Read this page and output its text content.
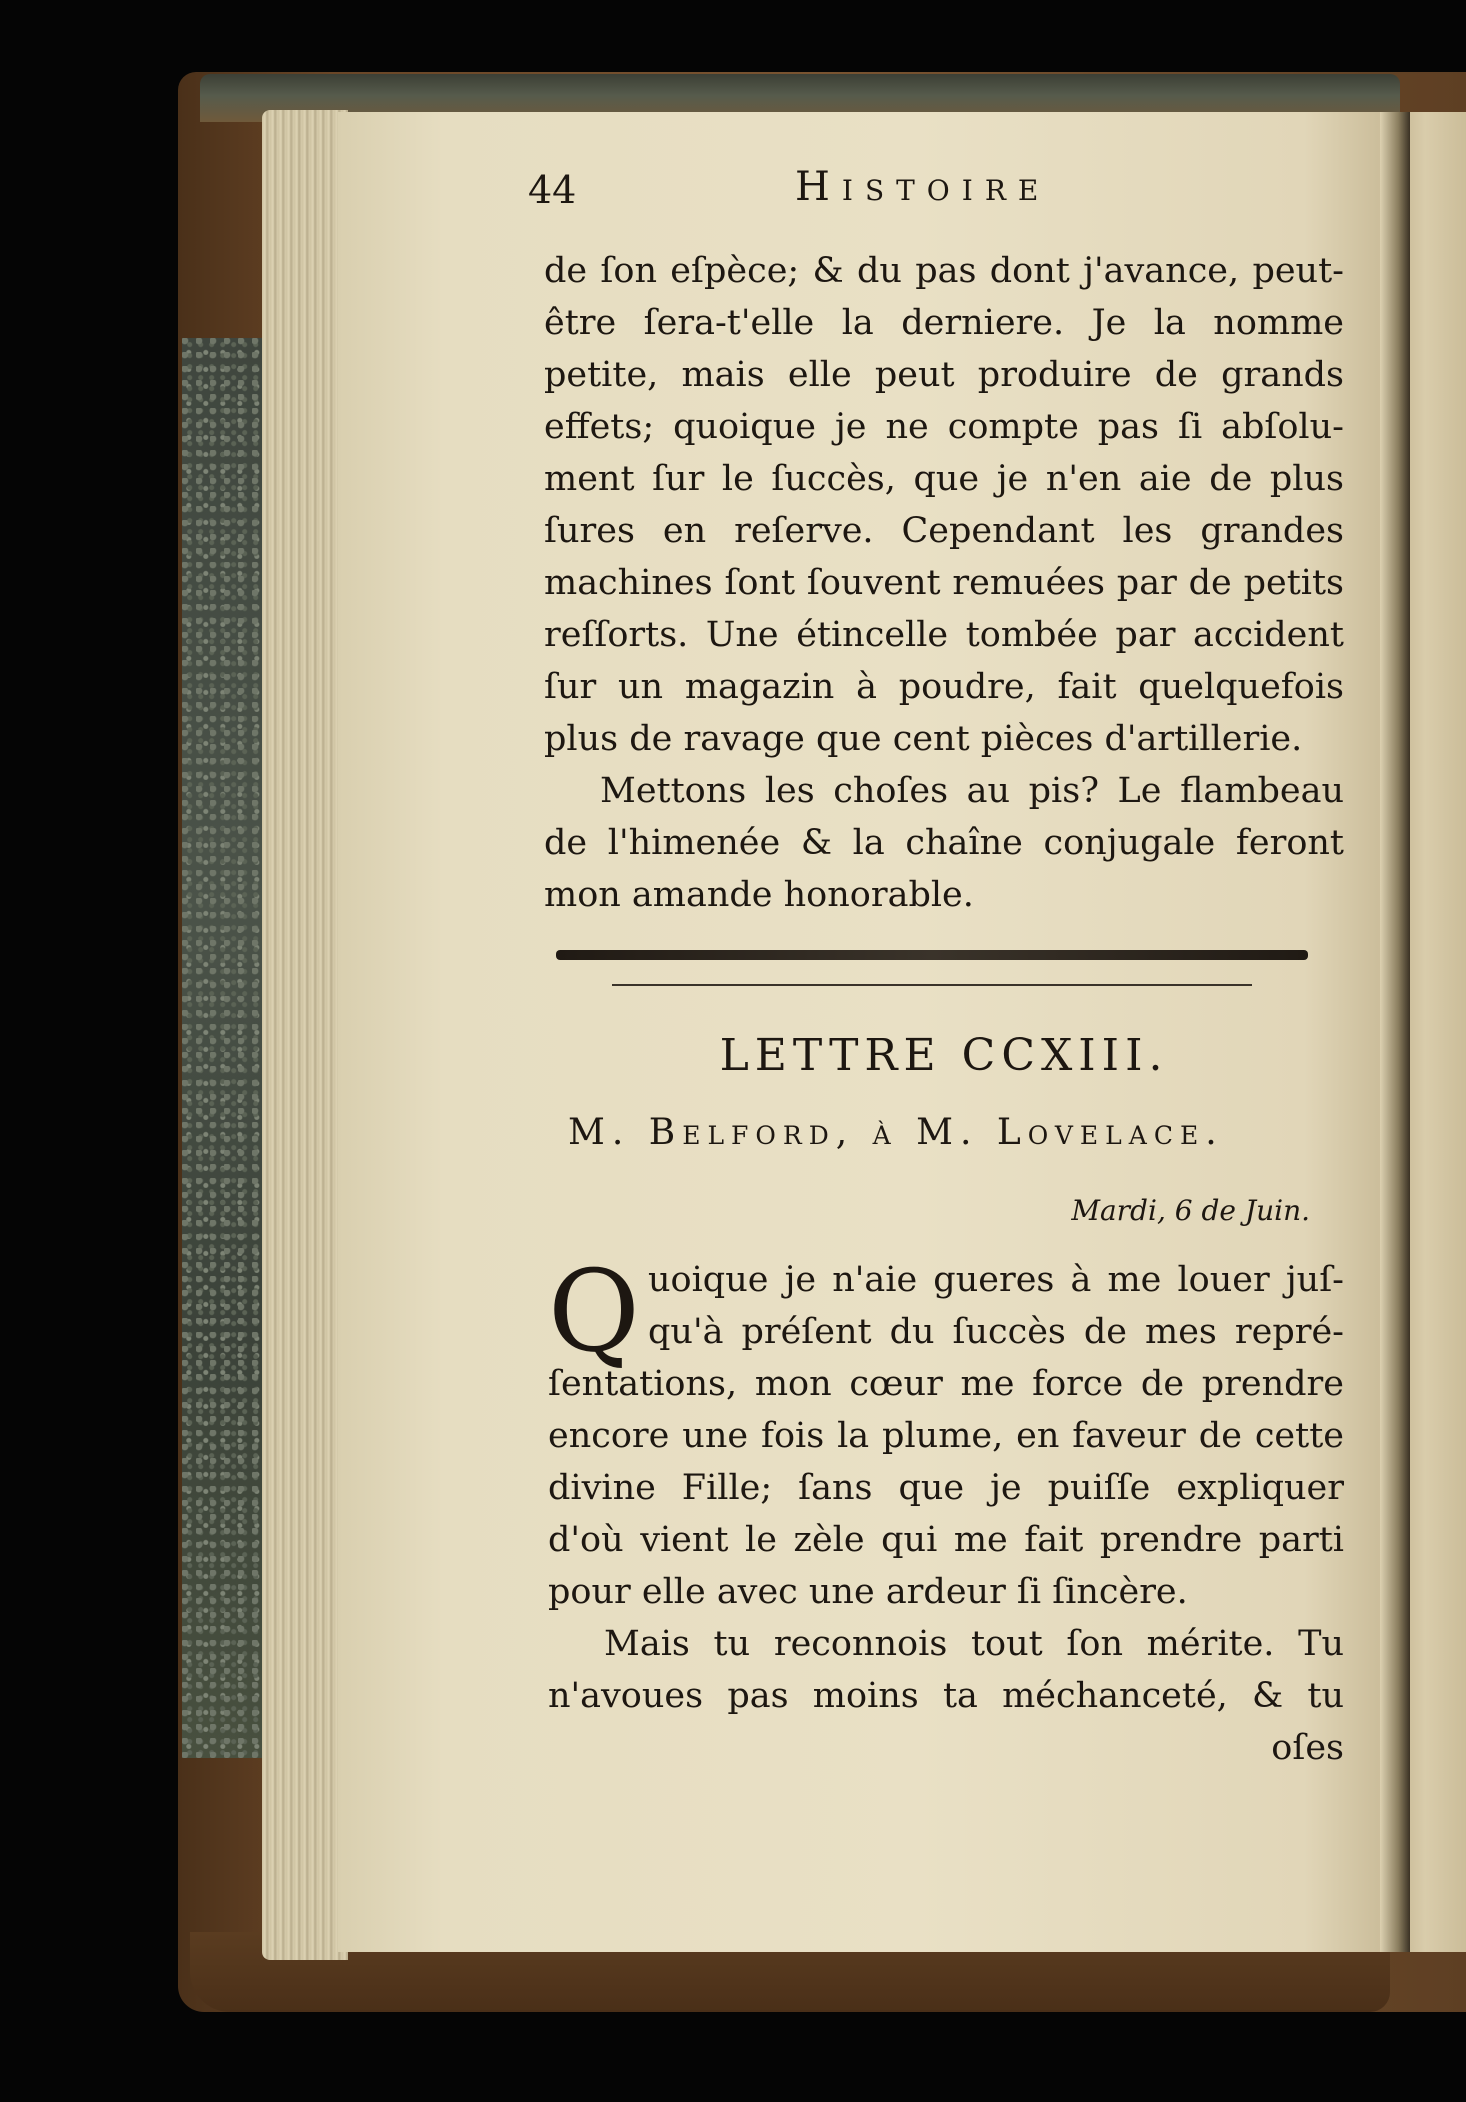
44	Histoire
de ſon eſpèce; & du pas dont j'avance, peut-
être ſera-t'elle la derniere. Je la nomme
petite, mais elle peut produire de grands
effets; quoique je ne compte pas ſi abſolu-
ment ſur le ſuccès, que je n'en aie de plus
ſures en reſerve. Cependant les grandes
machines ſont ſouvent remuées par de petits
reſſorts. Une étincelle tombée par accident
ſur un magazin à poudre, fait quelquefois
plus de ravage que cent pièces d'artillerie.
Mettons les choſes au pis? Le flambeau
de l'himenée & la chaîne conjugale feront
mon amande honorable.
LETTRE CCXIII.
M. Belford, à M. Lovelace.
Mardi, 6 de Juin.
Q uoique je n'aie gueres à me louer juſ-
qu'à préſent du ſuccès de mes repré-
ſentations, mon cœur me force de prendre
encore une fois la plume, en faveur de cette
divine Fille; ſans que je puiſſe expliquer
d'où vient le zèle qui me fait prendre parti
pour elle avec une ardeur ſi ſincère.
Mais tu reconnois tout ſon mérite. Tu
n'avoues pas moins ta méchanceté, & tu
oſes
